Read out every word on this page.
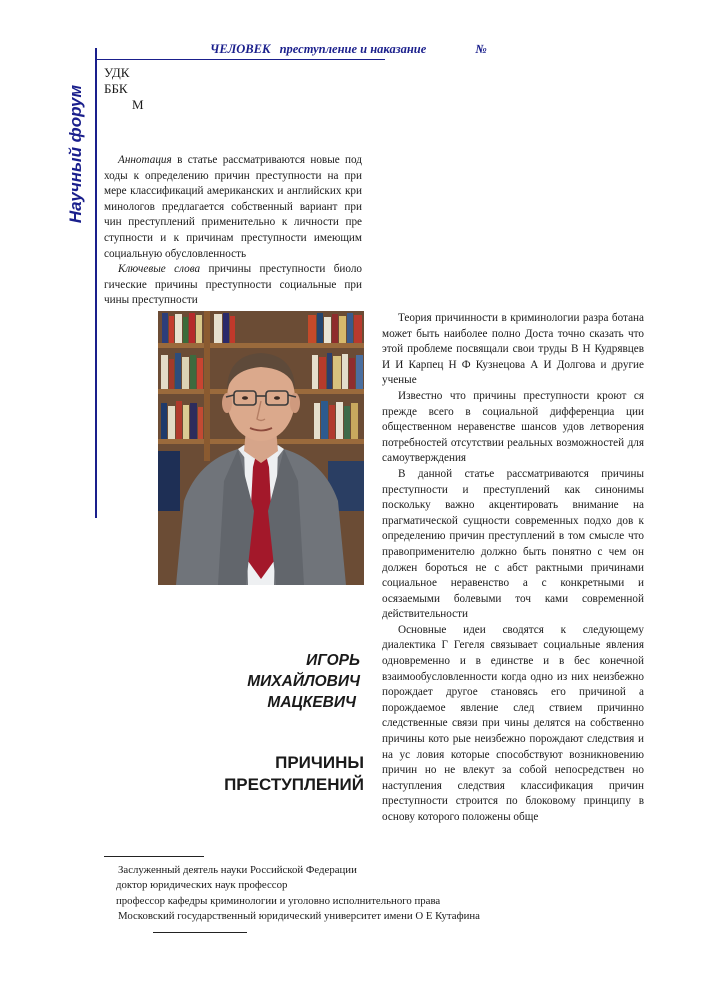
ЧЕЛОВЕК преступление и наказание	№
Научный форум
УДК
ББК
М

Аннотация в статье рассматриваются новые под ходы к определению причин преступности на при мере классификаций американских и английских кри минологов предлагается собственный вариант при чин преступлений применительно к личности пре ступности и к причинам преступности имеющим социальную обусловленность

Ключевые слова причины преступности биоло гические причины преступности социальные при чины преступности

ИГОРЬ
МИХАЙЛОВИЧ
МАЦКЕВИЧ
ПРИЧИНЫ
ПРЕСТУПЛЕНИЙ

Теория причинности в криминологии разра ботана может быть наиболее полно Доста точно сказать что этой проблеме посвящали свои труды В Н Кудрявцев И И Карпец Н Ф Кузнецова А И Долгова и другие ученые

Известно что причины преступности кроют ся прежде всего в социальной дифференциа ции общественном неравенстве шансов удов летворения потребностей отсутствии реальных возможностей для самоутверждения

В данной статье рассматриваются причины преступности и преступлений как синонимы поскольку важно акцентировать внимание на прагматической сущности современных подхо дов к определению причин преступлений в том смысле что правоприменителю должно быть понятно с чем он должен бороться не с абст рактными причинами социальное неравенство а с конкретными и осязаемыми болевыми точ ками современной действительности

Основные идеи сводятся к следующему диалектика Г Гегеля связывает социальные явления одновременно и в единстве и в бес конечной взаимообусловленности когда одно из них неизбежно порождает другое становясь его причиной а порождаемое явление след ствием причинно следственные связи при чины делятся на собственно причины кото рые неизбежно порождают следствия и на ус ловия которые способствуют возникновению причин но не влекут за собой непосредствен но наступления следствия классификация причин преступности строится по блоковому принципу в основу которого положены обще

Заслуженный деятель науки Российской Федерации
доктор юридических наук профессор
профессор кафедры криминологии и уголовно исполнительного права
Московский государственный юридический университет имени О Е Кутафина
